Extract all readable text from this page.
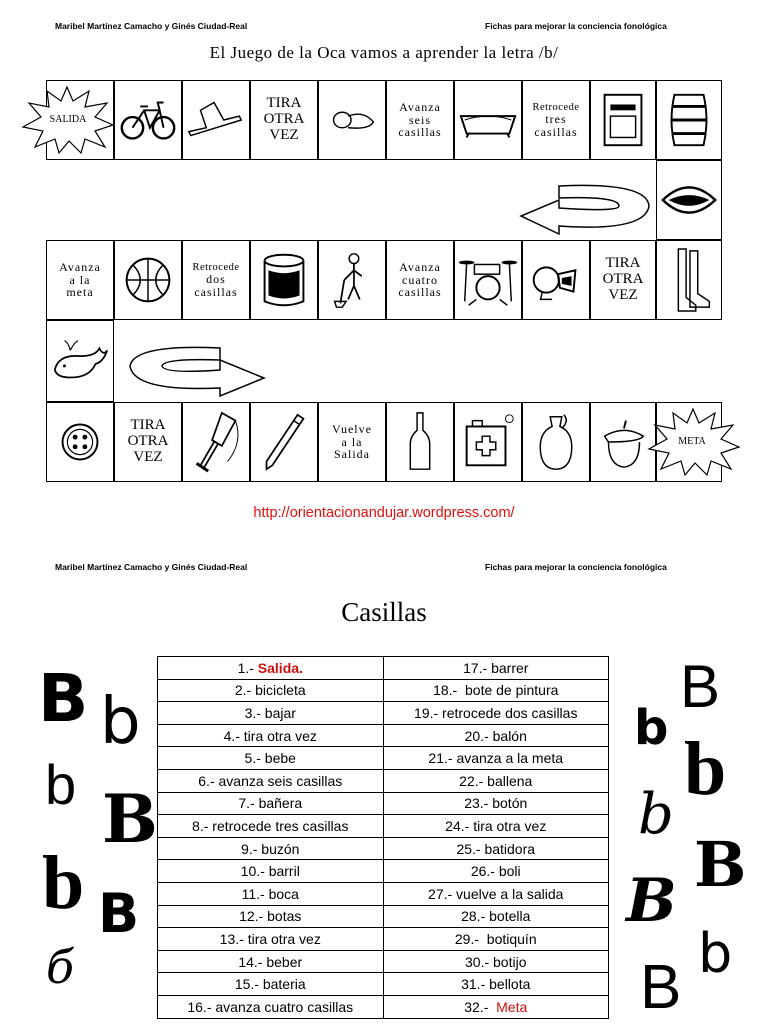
Maribel Martínez Camacho y Ginés Ciudad-Real	Fichas para mejorar la conciencia fonológica
El Juego de la Oca vamos a aprender la letra /b/
SALIDA
TIRA
OTRA
VEZ
Avanza
seis
casillas
Retrocede
tres
casillas
Avanza
a la
meta
Retrocede
dos
casillas
Avanza
cuatro
casillas
TIRA
OTRA
VEZ
TIRA
OTRA
VEZ
Vuelve
a la
Salida
META
http://orientacionandujar.wordpress.com/
Maribel Martínez Camacho y Ginés Ciudad-Real	Fichas para mejorar la conciencia fonológica
Casillas
1.- Salida.	17.- barrer
2.- bicicleta	18.-  bote de pintura
3.- bajar	19.- retrocede dos casillas
4.- tira otra vez	20.- balón
5.- bebe	21.- avanza a la meta
6.- avanza seis casillas	22.- ballena
7.- bañera	23.- botón
8.- retrocede tres casillas	24.- tira otra vez
9.- buzón	25.- batidora
10.- barril	26.- boli
11.- boca	27.- vuelve a la salida
12.- botas	28.- botella
13.- tira otra vez	29.-  botiquín
14.- beber	30.- botijo
15.- bateria	31.- bellota
16.- avanza cuatro casillas	32.-  Meta
B b
b B
b B
б
B
b b
b
B
B
b
B
